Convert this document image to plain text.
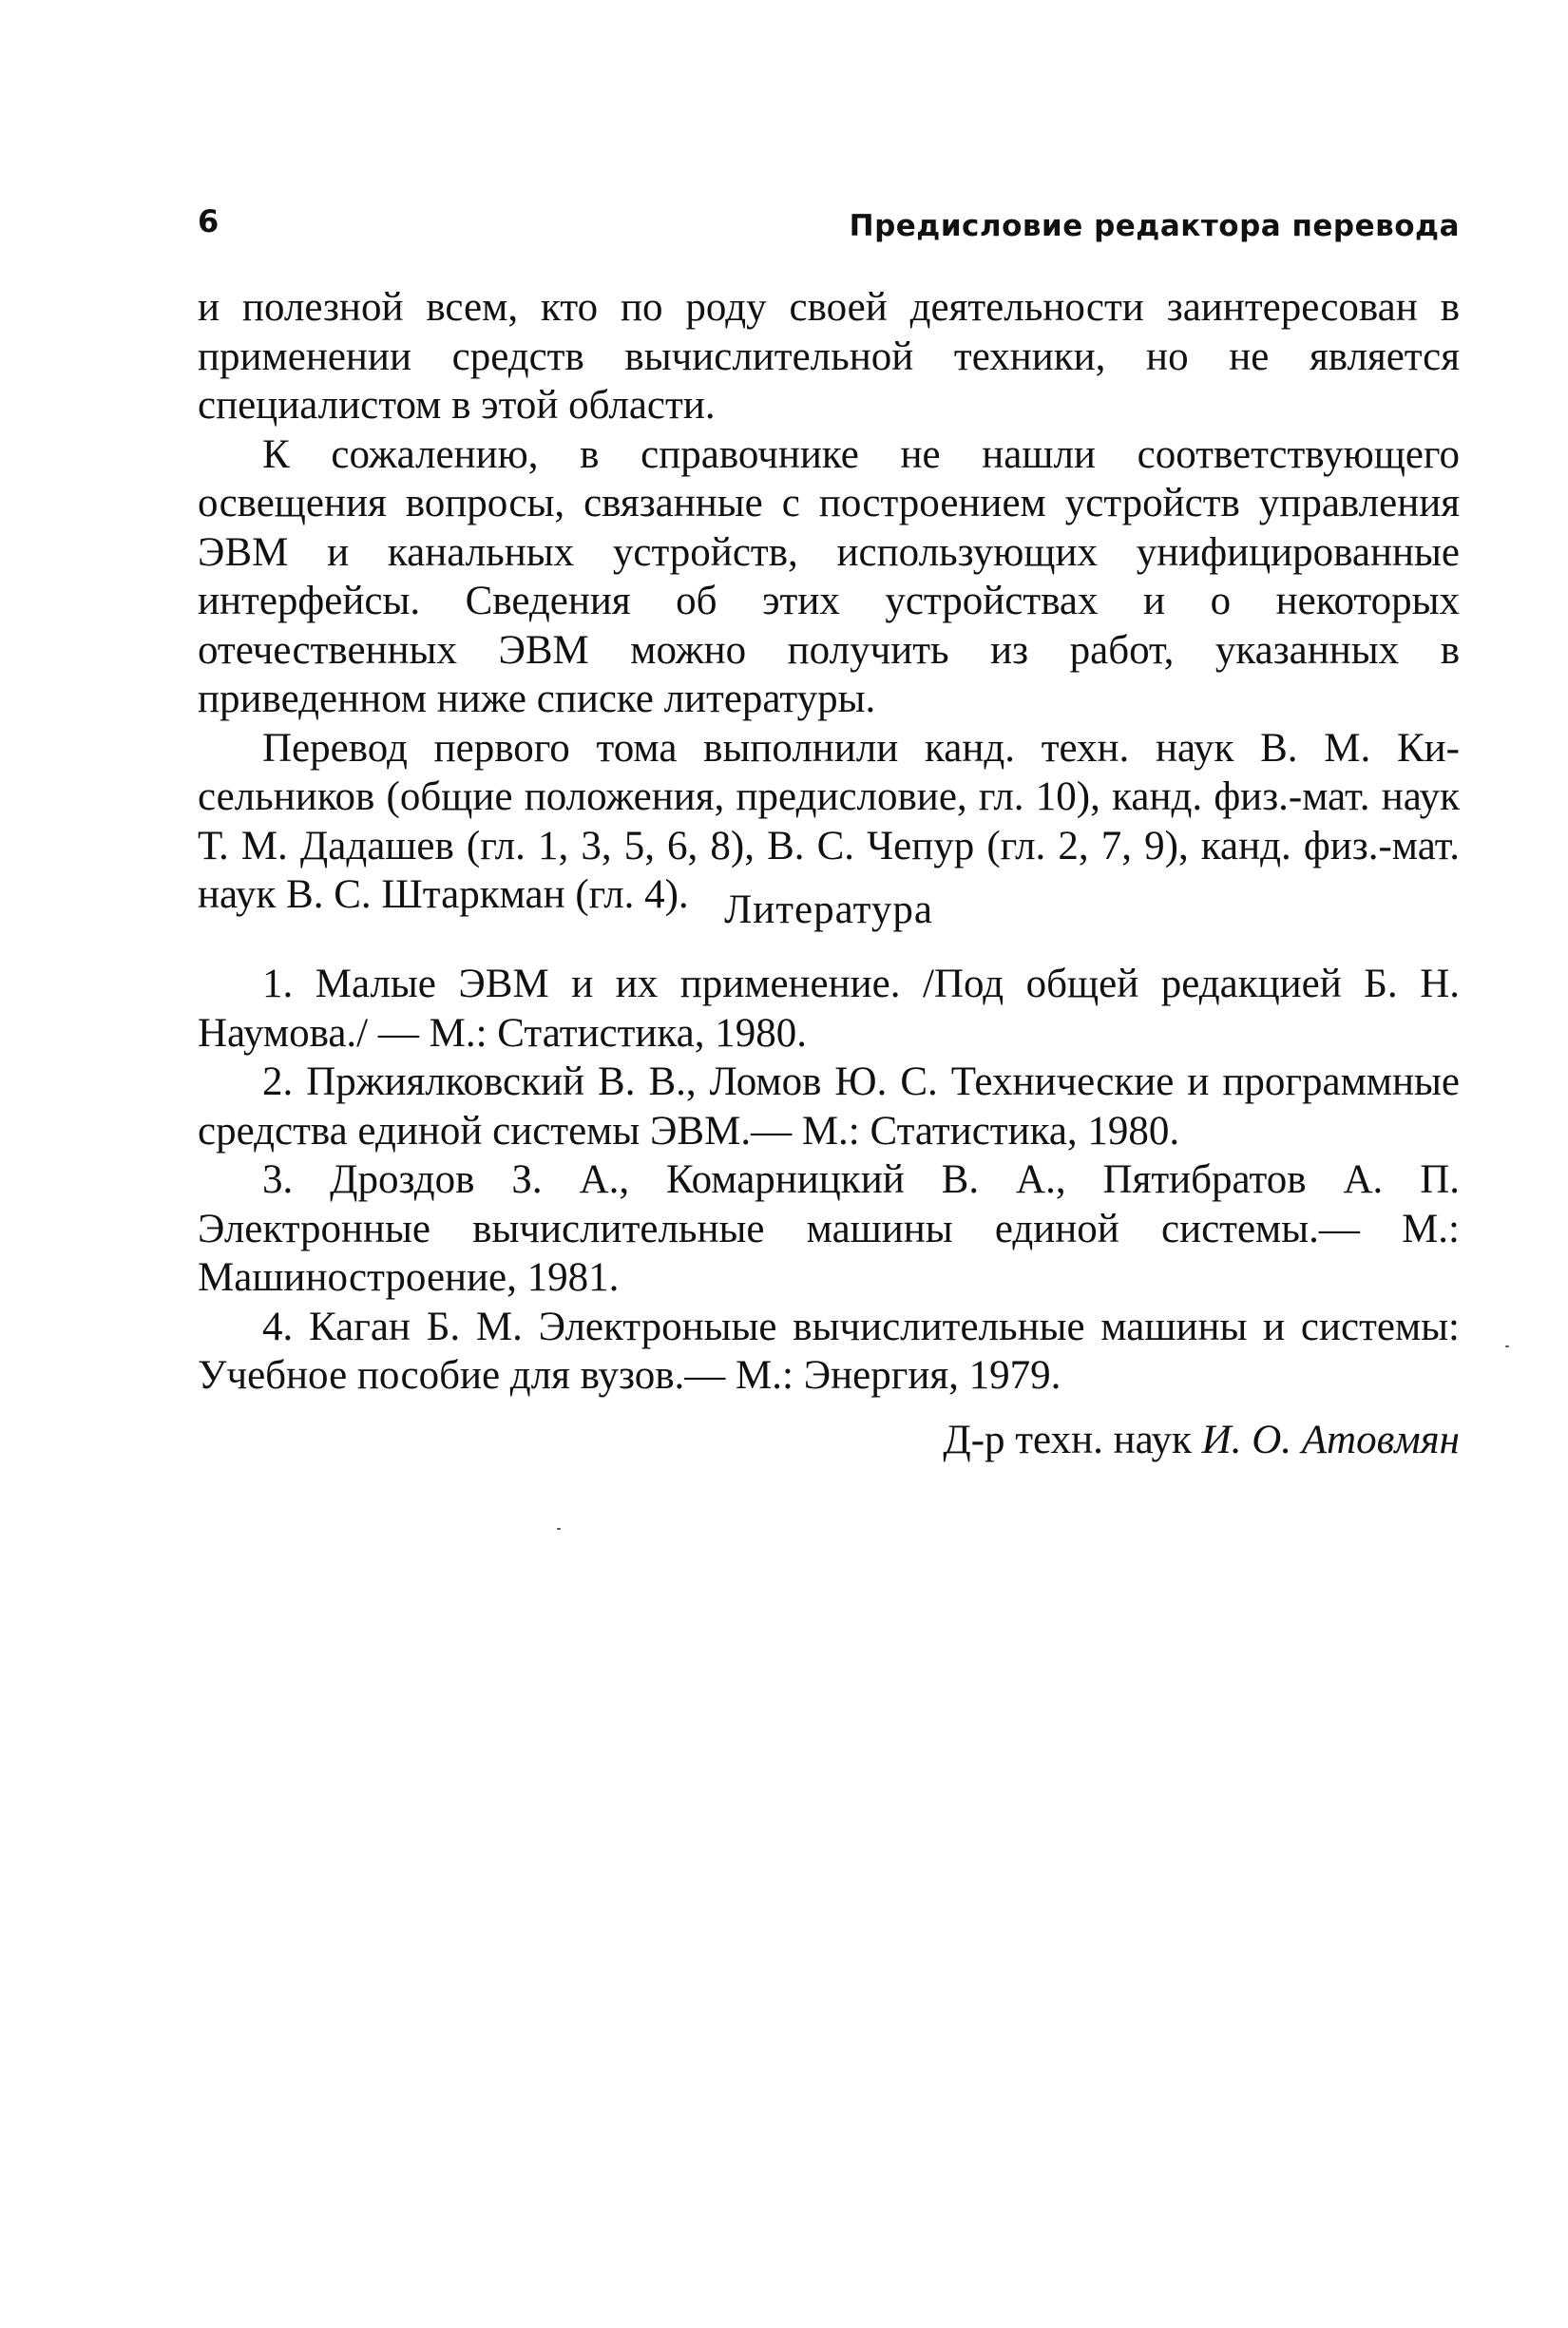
6	Предисловие редактора перевода

и полезной всем, кто по роду своей деятельности заинтересован в применении средств вычислительной техники, но не является специалистом в этой области.

К сожалению, в справочнике не нашли соответствующего освещения вопросы, связанные с построением устройств управления ЭВМ и канальных устройств, использующих унифицированные интерфейсы. Сведения об этих устройствах и о некоторых отечественных ЭВМ можно получить из работ, указанных в приведенном ниже списке литературы.

Перевод первого тома выполнили канд. техн. наук В. М. Кисельников (общие положения, предисловие, гл. 10), канд. физ.-мат. наук Т. М. Дадашев (гл. 1, 3, 5, 6, 8), В. С. Чепур (гл. 2, 7, 9), канд. физ.-мат. наук В. С. Штаркман (гл. 4). Литература

1. Малые ЭВМ и их применение. /Под общей редакцией Б. Н. Наумова./ — М.: Статистика, 1980.

2. Пржиялковский В. В., Ломов Ю. С. Технические и программные средства единой системы ЭВМ.— М.: Статистика, 1980.

3. Дроздов З. А., Комарницкий В. А., Пятибратов А. П. Электронные вычислительные машины единой системы.— М.: Машиностроение, 1981.

4. Каган Б. М. Электроныые вычислительные машины и системы: Учебное пособие для вузов.— М.: Энергия, 1979.

Д-р техн. наук И. О. Атовмян
